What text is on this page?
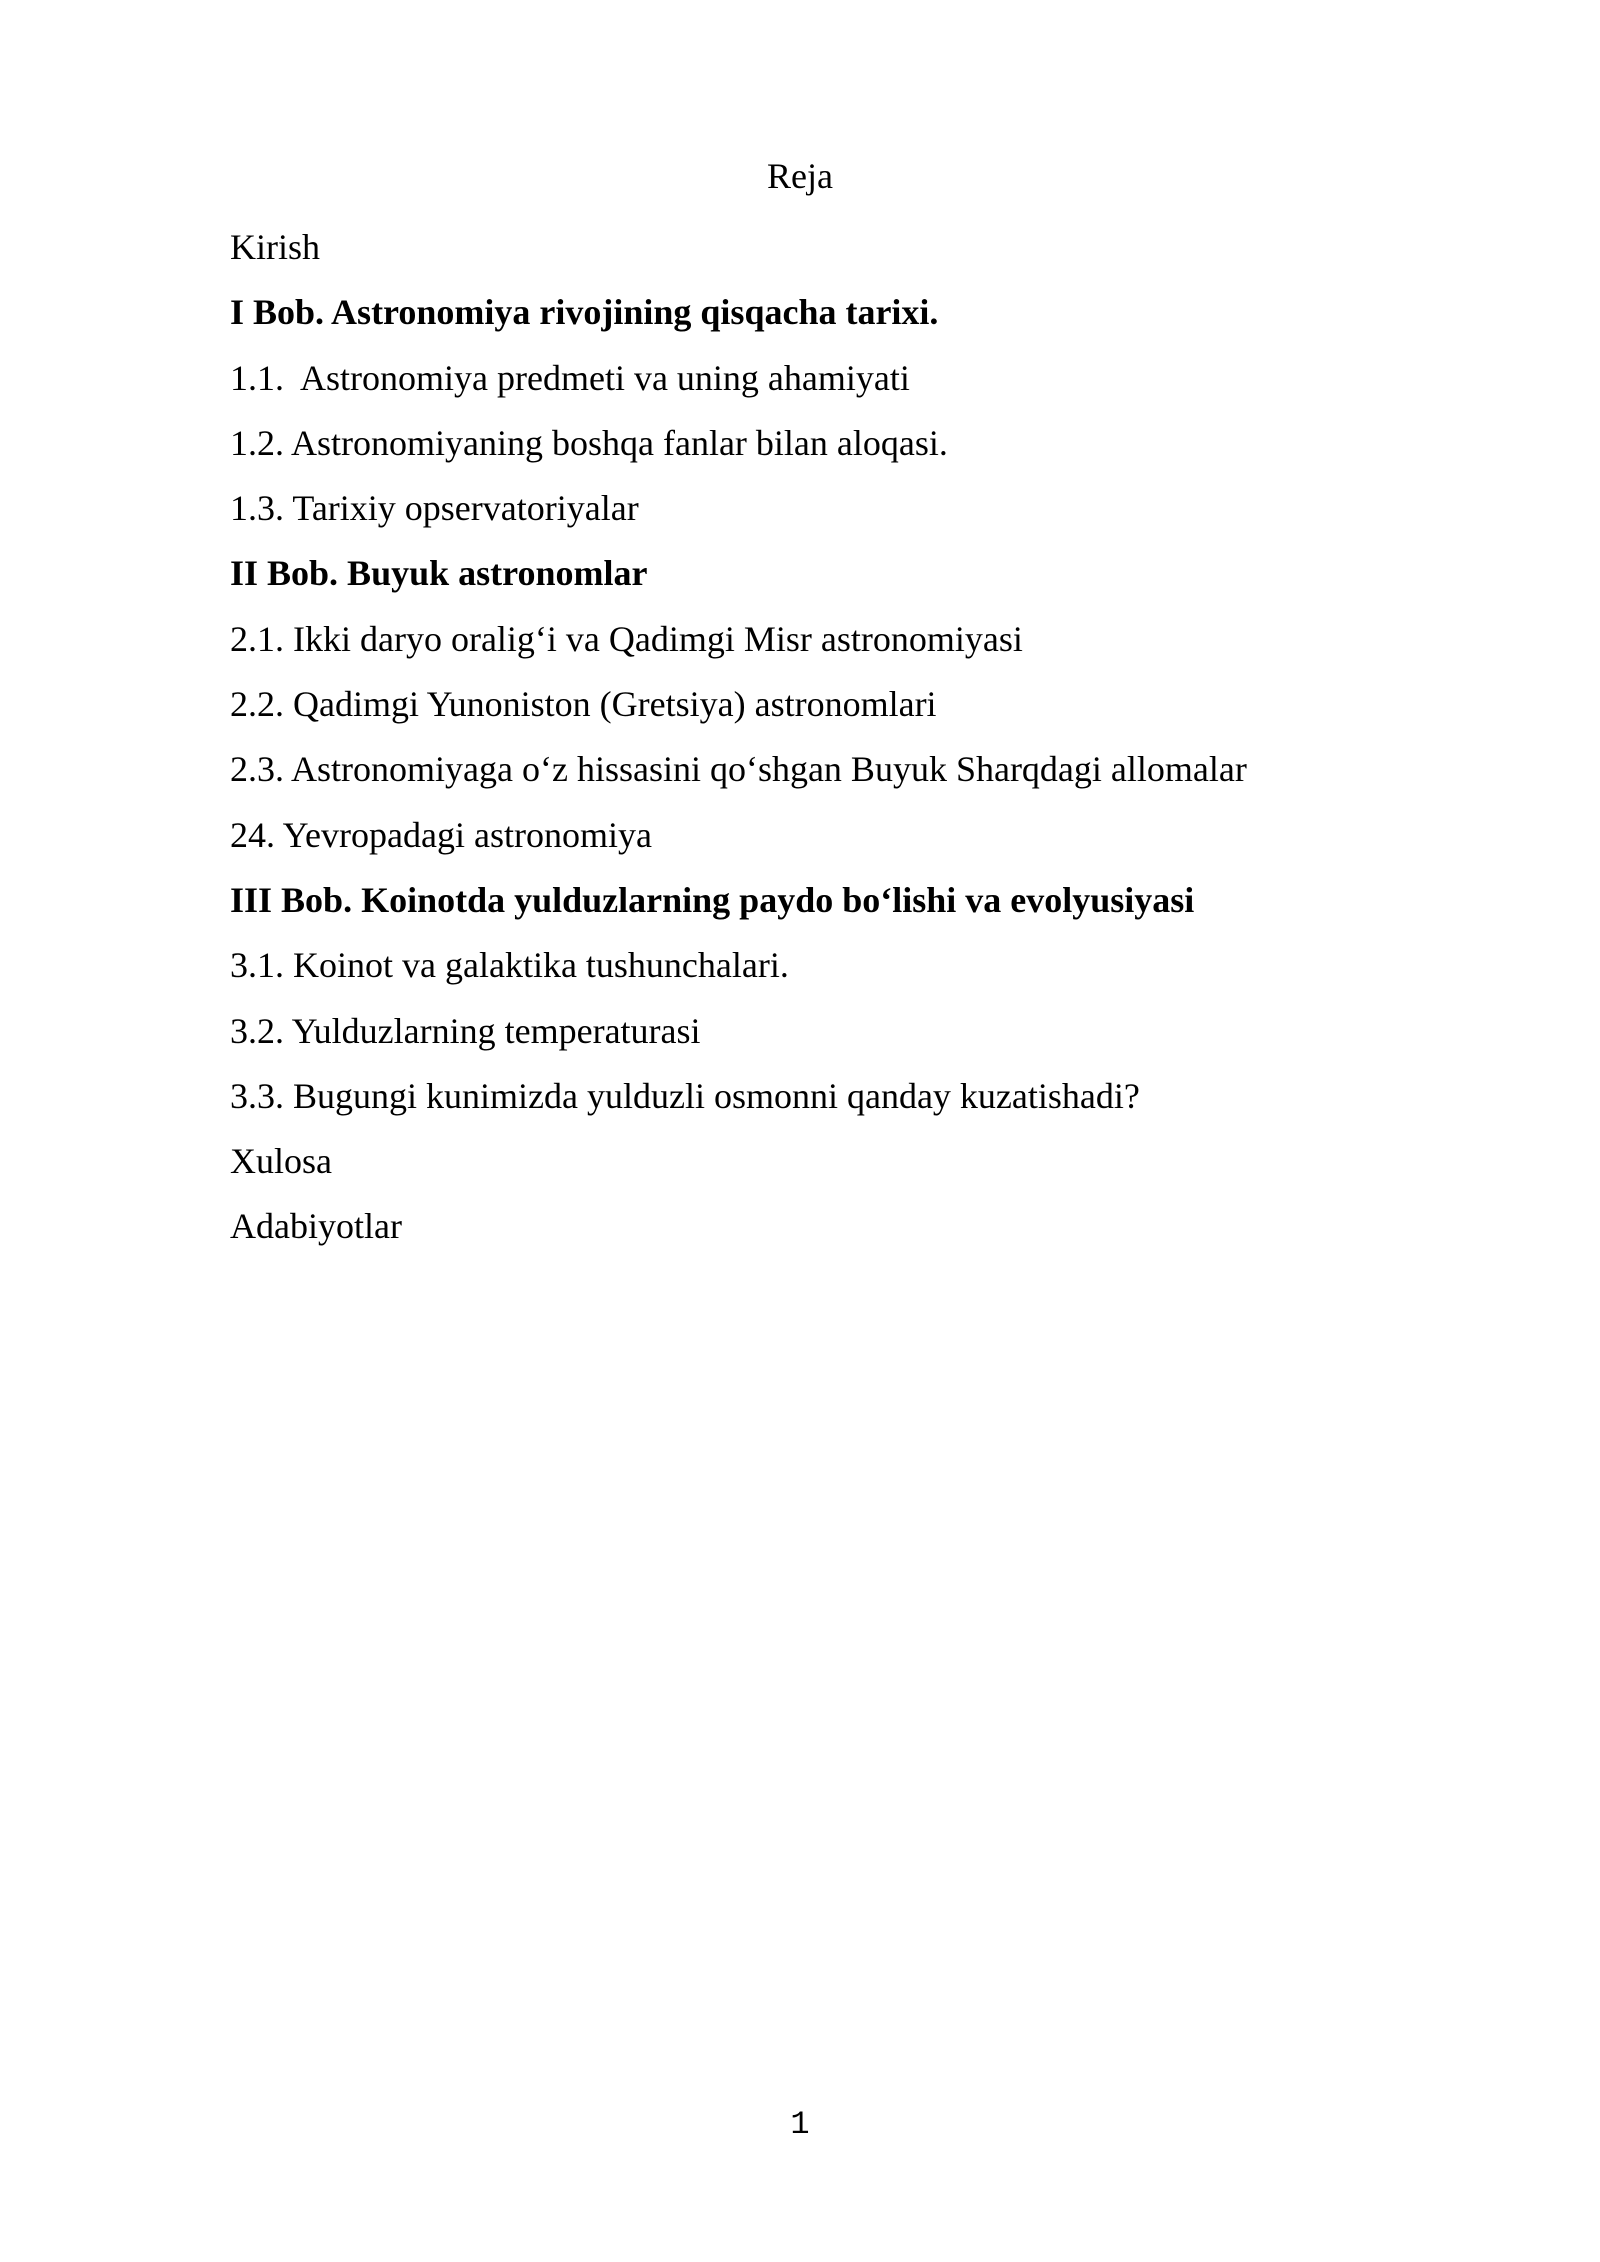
Reja
Kirish
I Bob. Astronomiya rivojining qisqacha tarixi.
1.1.  Astronomiya predmeti va uning ahamiyati
1.2. Astronomiyaning boshqa fanlar bilan aloqasi.
1.3. Tarixiy opservatoriyalar
II Bob. Buyuk astronomlar
2.1. Ikki daryo oralig‘i va Qadimgi Misr astronomiyasi
2.2. Qadimgi Yunoniston (Gretsiya) astronomlari
2.3. Astronomiyaga o‘z hissasini qo‘shgan Buyuk Sharqdagi allomalar
24. Yevropadagi astronomiya
III Bob. Koinotda yulduzlarning paydo bo‘lishi va evolyusiyasi
3.1. Koinot va galaktika tushunchalari.
3.2. Yulduzlarning temperaturasi
3.3. Bugungi kunimizda yulduzli osmonni qanday kuzatishadi?
Xulosa
Adabiyotlar
1
